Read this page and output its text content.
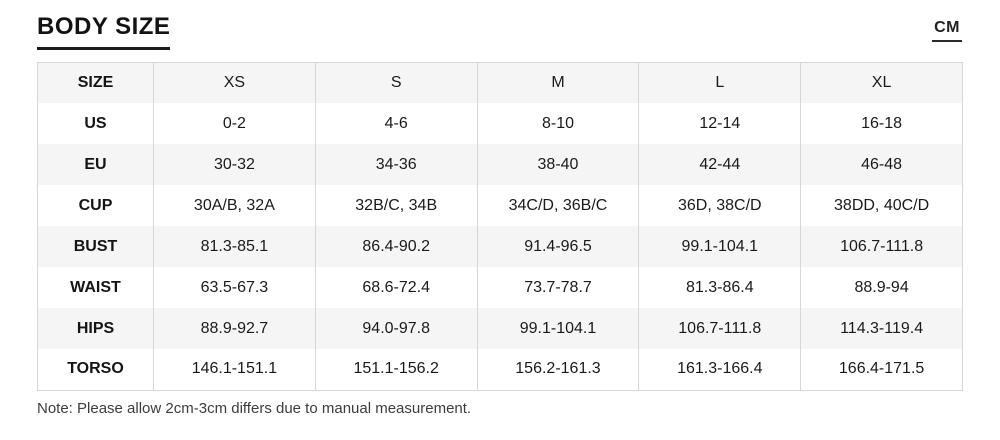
BODY SIZE	CM
SIZE	XS	S	M	L	XL
US	0-2	4-6	8-10	12-14	16-18
EU	30-32	34-36	38-40	42-44	46-48
CUP	30A/B, 32A	32B/C, 34B	34C/D, 36B/C	36D, 38C/D	38DD, 40C/D
BUST	81.3-85.1	86.4-90.2	91.4-96.5	99.1-104.1	106.7-111.8
WAIST	63.5-67.3	68.6-72.4	73.7-78.7	81.3-86.4	88.9-94
HIPS	88.9-92.7	94.0-97.8	99.1-104.1	106.7-111.8	114.3-119.4
TORSO	146.1-151.1	151.1-156.2	156.2-161.3	161.3-166.4	166.4-171.5
Note: Please allow 2cm-3cm differs due to manual measurement.
